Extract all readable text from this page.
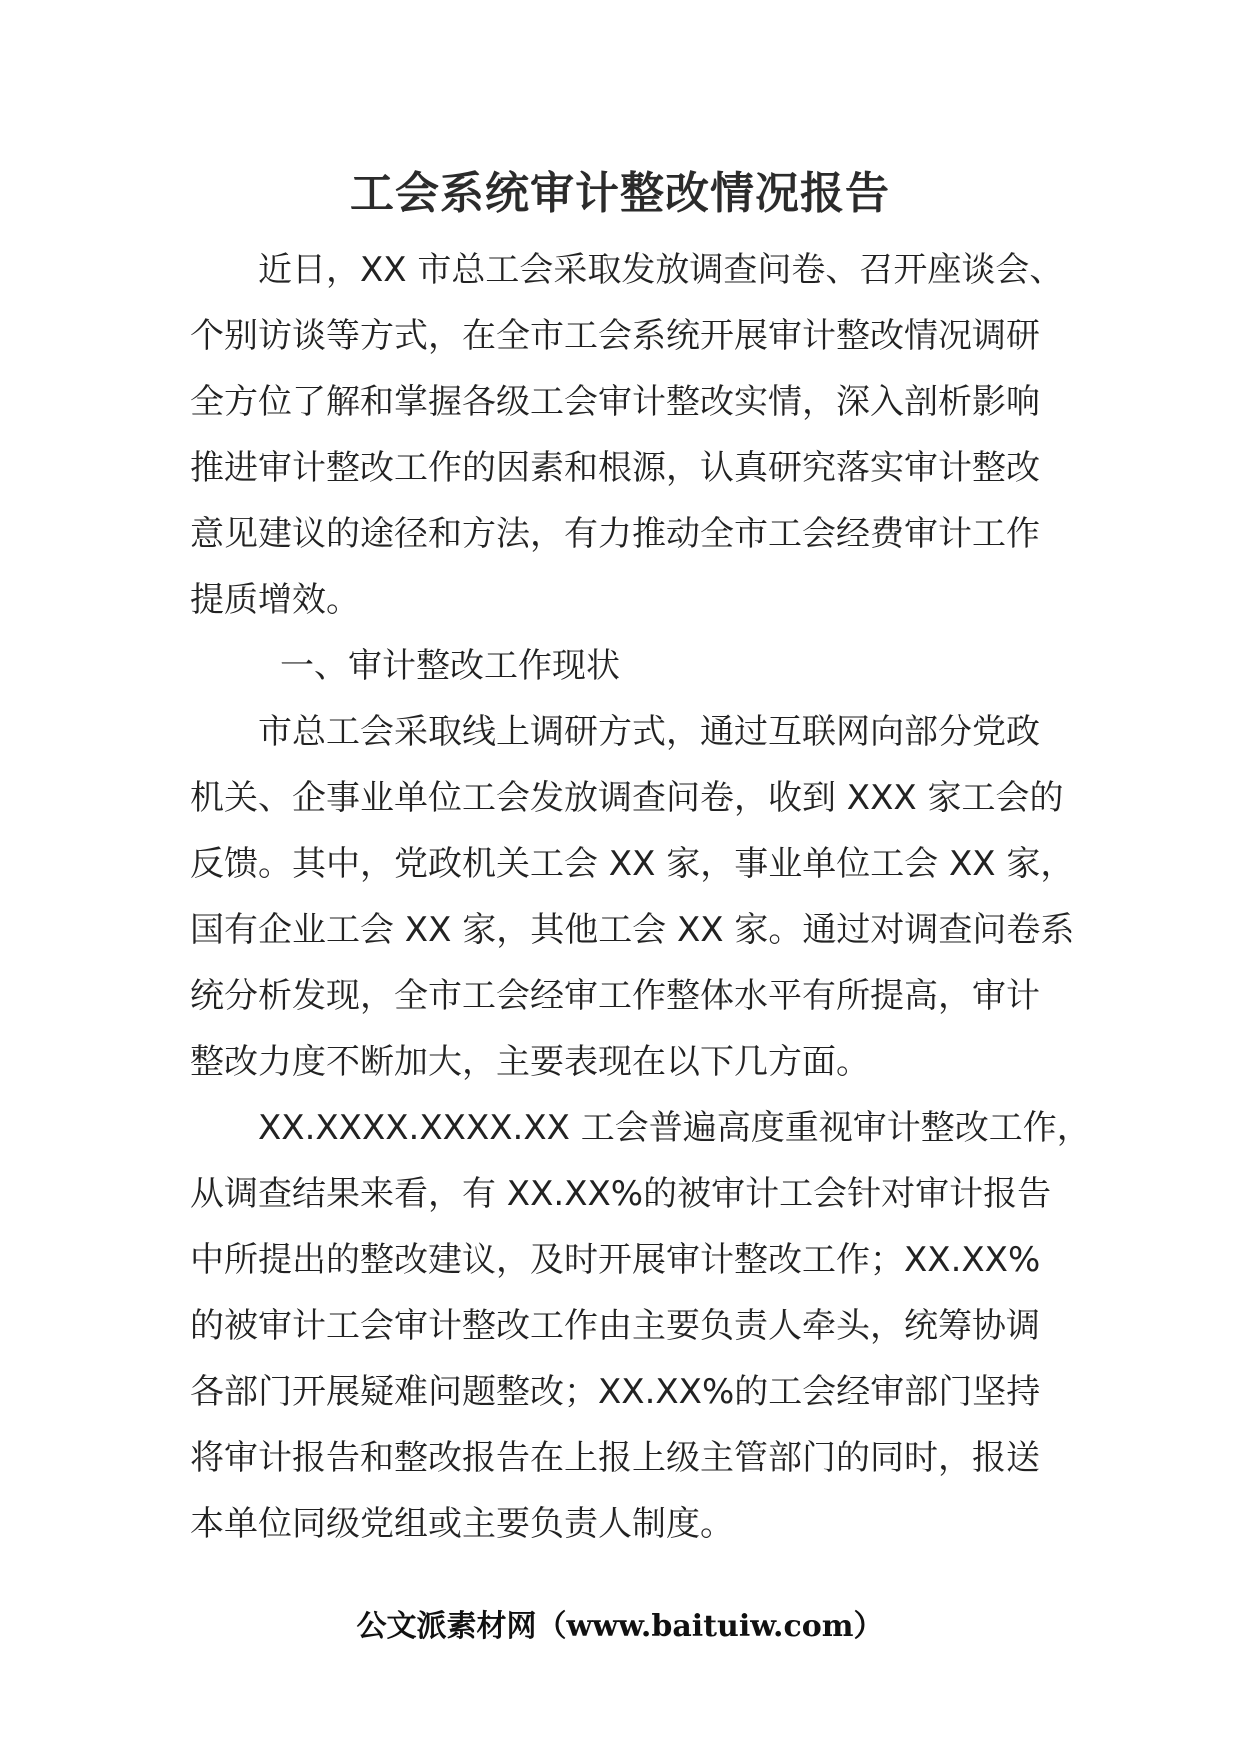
工会系统审计整改情况报告
近日，XX 市总工会采取发放调查问卷、召开座谈会、
个别访谈等方式，在全市工会系统开展审计整改情况调研
全方位了解和掌握各级工会审计整改实情，深入剖析影响
推进审计整改工作的因素和根源，认真研究落实审计整改
意见建议的途径和方法，有力推动全市工会经费审计工作
提质增效。
一、审计整改工作现状
市总工会采取线上调研方式，通过互联网向部分党政
机关、企事业单位工会发放调查问卷，收到 XXX 家工会的
反馈。其中，党政机关工会 XX 家，事业单位工会 XX 家，
国有企业工会 XX 家，其他工会 XX 家。通过对调查问卷系
统分析发现，全市工会经审工作整体水平有所提高，审计
整改力度不断加大，主要表现在以下几方面。
XX.XXXX.XXXX.XX 工会普遍高度重视审计整改工作，
从调查结果来看，有 XX.XX%的被审计工会针对审计报告
中所提出的整改建议，及时开展审计整改工作；XX.XX%
的被审计工会审计整改工作由主要负责人牵头，统筹协调
各部门开展疑难问题整改；XX.XX%的工会经审部门坚持
将审计报告和整改报告在上报上级主管部门的同时，报送
本单位同级党组或主要负责人制度。
公文派素材网（www.baituiw.com）
